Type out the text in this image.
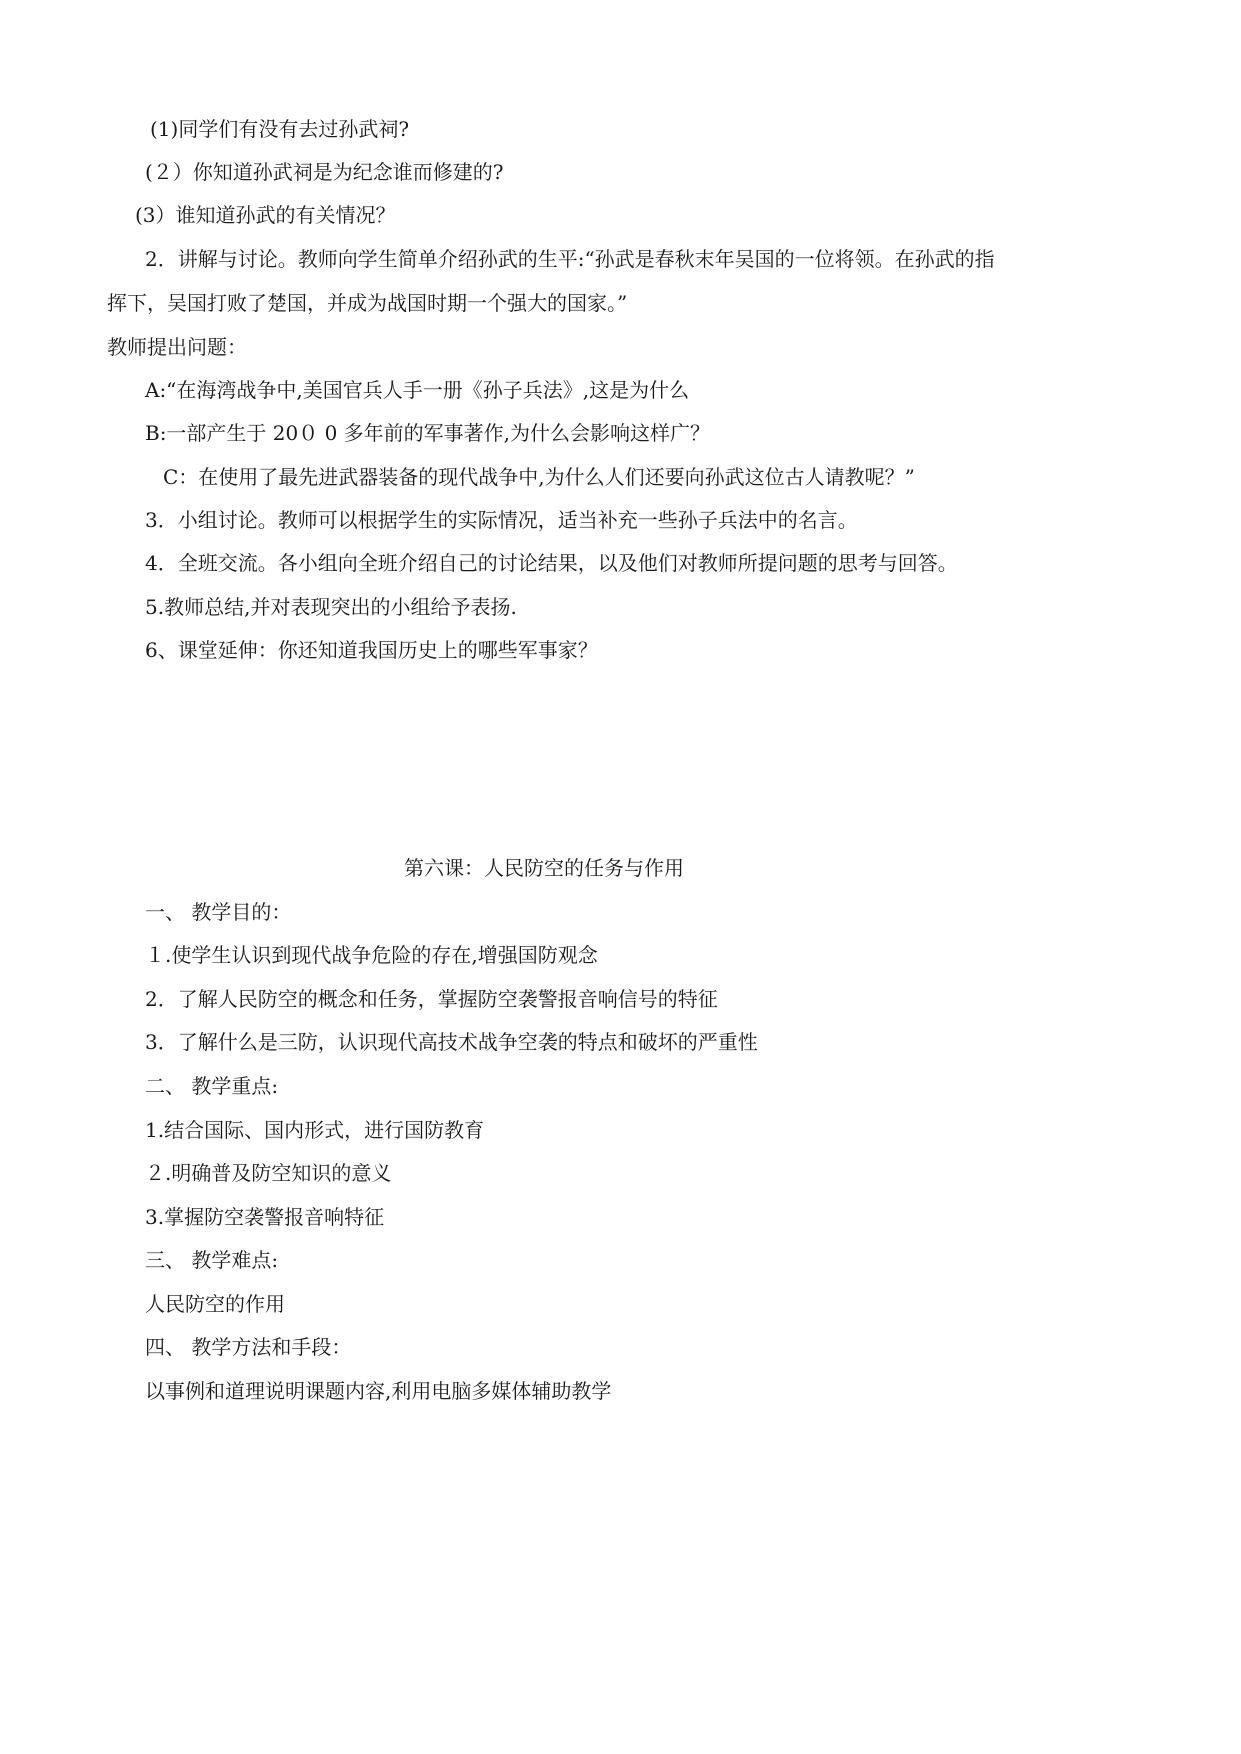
(1)同学们有没有去过孙武祠?
(２）你知道孙武祠是为纪念谁而修建的?
(3）谁知道孙武的有关情况？
2．讲解与讨论。教师向学生简单介绍孙武的生平:“孙武是春秋末年吴国的一位将领。在孙武的指
挥下，吴国打败了楚国，并成为战国时期一个强大的国家。”
教师提出问题：
A:“在海湾战争中,美国官兵人手一册《孙子兵法》,这是为什么
B:一部产生于 20０ 0 多年前的军事著作,为什么会影响这样广？
C：在使用了最先进武器装备的现代战争中,为什么人们还要向孙武这位古人请教呢？”
3．小组讨论。教师可以根据学生的实际情况，适当补充一些孙子兵法中的名言。
4．全班交流。各小组向全班介绍自己的讨论结果，以及他们对教师所提问题的思考与回答。
5.教师总结,并对表现突出的小组给予表扬.
6、课堂延伸：你还知道我国历史上的哪些军事家？
第六课：人民防空的任务与作用
一、 教学目的：
１.使学生认识到现代战争危险的存在,增强国防观念
2．了解人民防空的概念和任务，掌握防空袭警报音响信号的特征
3．了解什么是三防，认识现代高技术战争空袭的特点和破坏的严重性
二、 教学重点:
1.结合国际、国内形式，进行国防教育
２.明确普及防空知识的意义
3.掌握防空袭警报音响特征
三、 教学难点:
人民防空的作用
四、 教学方法和手段：
以事例和道理说明课题内容,利用电脑多媒体辅助教学
